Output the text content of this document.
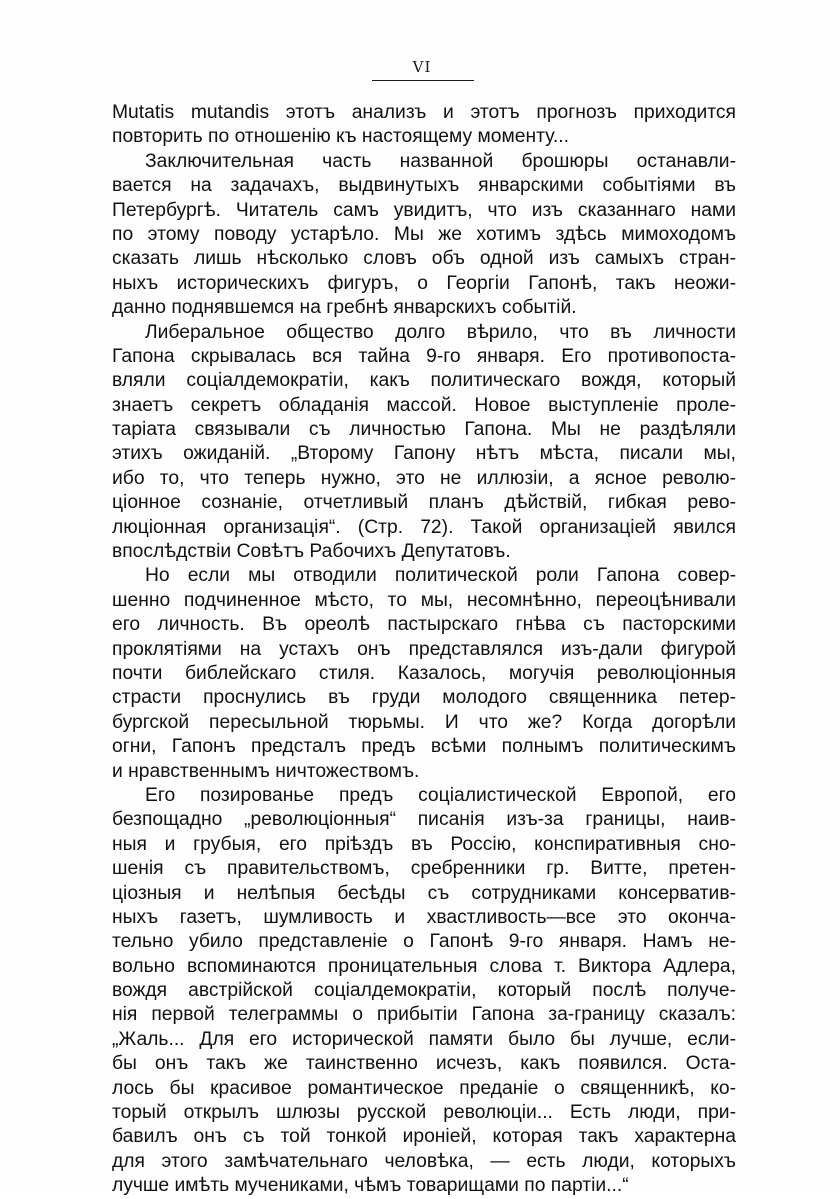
VI
Mutatis mutandis этотъ анализъ и этотъ прогнозъ приходится
повторить по отношенію къ настоящему моменту...
Заключительная часть названной брошюры останавли-
вается на задачахъ, выдвинутыхъ январскими событіями въ
Петербургѣ. Читатель самъ увидитъ, что изъ сказаннаго нами
по этому поводу устарѣло. Мы же хотимъ здѣсь мимоходомъ
сказать лишь нѣсколько словъ объ одной изъ самыхъ стран-
ныхъ историческихъ фигуръ, о Георгіи Гапонѣ, такъ неожи-
данно поднявшемся на гребнѣ январскихъ событій.
Либеральное общество долго вѣрило, что въ личности
Гапона скрывалась вся тайна 9-го января. Его противопоста-
вляли соціалдемократіи, какъ политическаго вождя, который
знаетъ секретъ обладанія массой. Новое выступленіе проле-
таріата связывали съ личностью Гапона. Мы не раздѣляли
этихъ ожиданій. „Второму Гапону нѣтъ мѣста, писали мы,
ибо то, что теперь нужно, это не иллюзіи, а ясное револю-
ціонное сознаніе, отчетливый планъ дѣйствій, гибкая рево-
люціонная организація“. (Стр. 72). Такой организаціей явился
впослѣдствіи Совѣтъ Рабочихъ Депутатовъ.
Но если мы отводили политической роли Гапона совер-
шенно подчиненное мѣсто, то мы, несомнѣнно, переоцѣнивали
его личность. Въ ореолѣ пастырскаго гнѣва съ пасторскими
проклятіями на устахъ онъ представлялся изъ-дали фигурой
почти библейскаго стиля. Казалось, могучія революціонныя
страсти проснулись въ груди молодого священника петер-
бургской пересыльной тюрьмы. И что же? Когда догорѣли
огни, Гапонъ предсталъ предъ всѣми полнымъ политическимъ
и нравственнымъ ничтожествомъ.
Его позированье предъ соціалистической Европой, его
безпощадно „революціонныя“ писанія изъ-за границы, наив-
ныя и грубыя, его пріѣздъ въ Россію, конспиративныя сно-
шенія съ правительствомъ, сребренники гр. Витте, претен-
ціозныя и нелѣпыя бесѣды съ сотрудниками консерватив-
ныхъ газетъ, шумливость и хвастливость—все это оконча-
тельно убило представленіе о Гапонѣ 9-го января. Намъ не-
вольно вспоминаются проницательныя слова т. Виктора Адлера,
вождя австрійской соціалдемократіи, который послѣ получе-
нія первой телеграммы о прибытіи Гапона за-границу сказалъ:
„Жаль... Для его исторической памяти было бы лучше, если-
бы онъ такъ же таинственно исчезъ, какъ появился. Оста-
лось бы красивое романтическое преданіе о священникѣ, ко-
торый открылъ шлюзы русской революціи... Есть люди, при-
бавилъ онъ съ той тонкой ироніей, которая такъ характерна
для этого замѣчательнаго человѣка, — есть люди, которыхъ
лучше имѣть мучениками, чѣмъ товарищами по партіи...“
